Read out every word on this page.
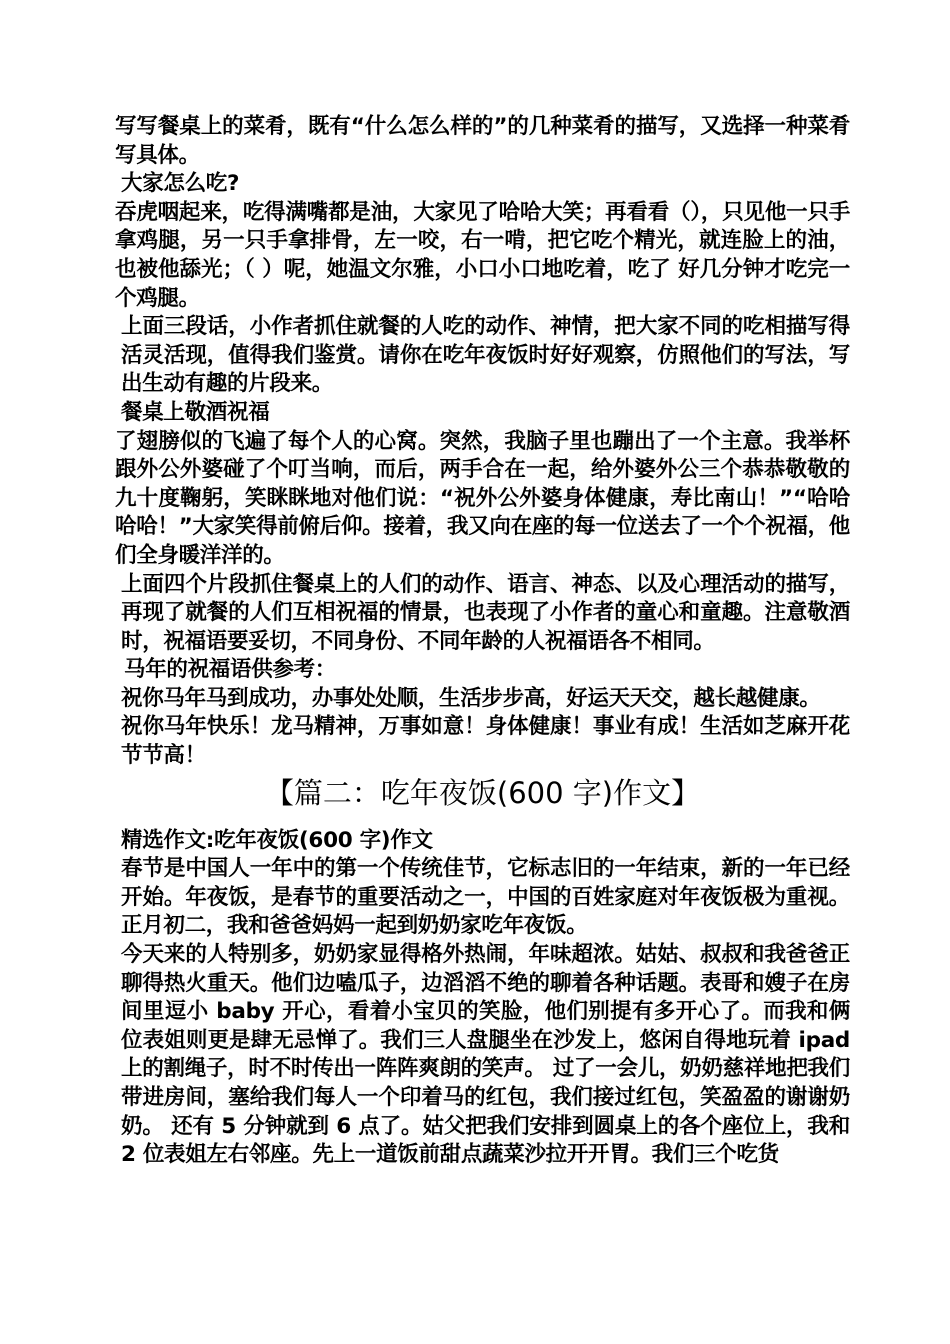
写写餐桌上的菜肴，既有“什么怎么样的”的几种菜肴的描写，又选择一种菜肴写具体。

大家怎么吃?

吞虎咽起来，吃得满嘴都是油，大家见了哈哈大笑；再看看（），只见他一只手拿鸡腿，另一只手拿排骨，左一咬，右一啃，把它吃个精光，就连脸上的油，也被他舔光；（ ）呢，她温文尔雅，小口小口地吃着，吃了 好几分钟才吃完一个鸡腿。

上面三段话，小作者抓住就餐的人吃的动作、神情，把大家不同的吃相描写得活灵活现，值得我们鉴赏。请你在吃年夜饭时好好观察，仿照他们的写法，写出生动有趣的片段来。

餐桌上敬酒祝福

了翅膀似的飞遍了每个人的心窝。突然，我脑子里也蹦出了一个主意。我举杯跟外公外婆碰了个叮当响，而后，两手合在一起，给外婆外公三个恭恭敬敬的九十度鞠躬，笑眯眯地对他们说：“祝外公外婆身体健康，寿比南山！”“哈哈哈哈！”大家笑得前俯后仰。接着，我又向在座的每一位送去了一个个祝福，他们全身暖洋洋的。

上面四个片段抓住餐桌上的人们的动作、语言、神态、以及心理活动的描写，再现了就餐的人们互相祝福的情景，也表现了小作者的童心和童趣。注意敬酒时，祝福语要妥切，不同身份、不同年龄的人祝福语各不相同。

马年的祝福语供参考：

祝你马年马到成功，办事处处顺，生活步步高，好运天天交，越长越健康。

祝你马年快乐！龙马精神，万事如意！身体健康！事业有成！生活如芝麻开花节节高！

【篇二：吃年夜饭(600 字)作文】

精选作文:吃年夜饭(600 字)作文

春节是中国人一年中的第一个传统佳节，它标志旧的一年结束，新的一年已经开始。年夜饭，是春节的重要活动之一，中国的百姓家庭对年夜饭极为重视。正月初二，我和爸爸妈妈一起到奶奶家吃年夜饭。

今天来的人特别多，奶奶家显得格外热闹，年味超浓。姑姑、叔叔和我爸爸正聊得热火重天。他们边嗑瓜子，边滔滔不绝的聊着各种话题。表哥和嫂子在房间里逗小 baby 开心，看着小宝贝的笑脸，他们别提有多开心了。而我和俩位表姐则更是肆无忌惮了。我们三人盘腿坐在沙发上，悠闲自得地玩着 ipad 上的割绳子，时不时传出一阵阵爽朗的笑声。 过了一会儿，奶奶慈祥地把我们带进房间，塞给我们每人一个印着马的红包，我们接过红包，笑盈盈的谢谢奶奶。 还有 5 分钟就到 6 点了。姑父把我们安排到圆桌上的各个座位上，我和 2 位表姐左右邻座。先上一道饭前甜点蔬菜沙拉开开胃。我们三个吃货
